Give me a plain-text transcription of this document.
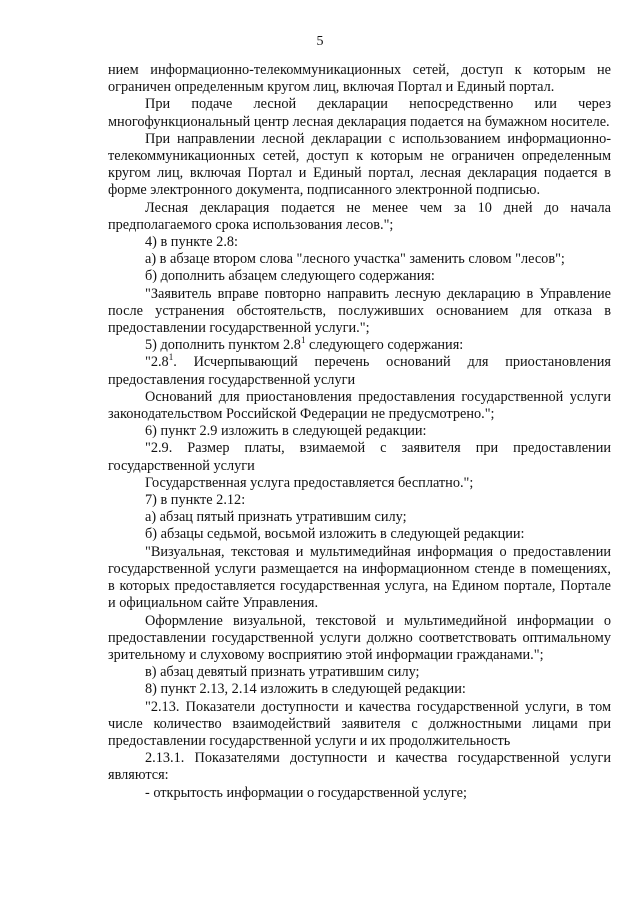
5

нием информационно-телекоммуникационных сетей, доступ к которым не ограничен определенным кругом лиц, включая Портал и Единый портал.

При подаче лесной декларации непосредственно или через многофункциональный центр лесная декларация подается на бумажном носителе.

При направлении лесной декларации с использованием информационно-телекоммуникационных сетей, доступ к которым не ограничен определенным кругом лиц, включая Портал и Единый портал, лесная декларация подается в форме электронного документа, подписанного электронной подписью.

Лесная декларация подается не менее чем за 10 дней до начала предполагаемого срока использования лесов.";

4) в пункте 2.8:

а) в абзаце втором слова "лесного участка" заменить словом "лесов";

б) дополнить абзацем следующего содержания:

"Заявитель вправе повторно направить лесную декларацию в Управление после устранения обстоятельств, послуживших основанием для отказа в предоставлении государственной услуги.";

5) дополнить пунктом $2.8^1$ следующего содержания:

"$2.8^1$. Исчерпывающий перечень оснований для приостановления предоставления государственной услуги

Оснований для приостановления предоставления государственной услуги законодательством Российской Федерации не предусмотрено.";

6) пункт 2.9 изложить в следующей редакции:

"2.9. Размер платы, взимаемой с заявителя при предоставлении государственной услуги

Государственная услуга предоставляется бесплатно.";

7) в пункте 2.12:

а) абзац пятый признать утратившим силу;

б) абзацы седьмой, восьмой изложить в следующей редакции:

"Визуальная, текстовая и мультимедийная информация о предоставлении государственной услуги размещается на информационном стенде в помещениях, в которых предоставляется государственная услуга, на Едином портале, Портале и официальном сайте Управления.

Оформление визуальной, текстовой и мультимедийной информации о предоставлении государственной услуги должно соответствовать оптимальному зрительному и слуховому восприятию этой информации гражданами.";

в) абзац девятый признать утратившим силу;

8) пункт 2.13, 2.14 изложить в следующей редакции:

"2.13. Показатели доступности и качества государственной услуги, в том числе количество взаимодействий заявителя с должностными лицами при предоставлении государственной услуги и их продолжительность

2.13.1. Показателями доступности и качества государственной услуги являются:

- открытость информации о государственной услуге;
